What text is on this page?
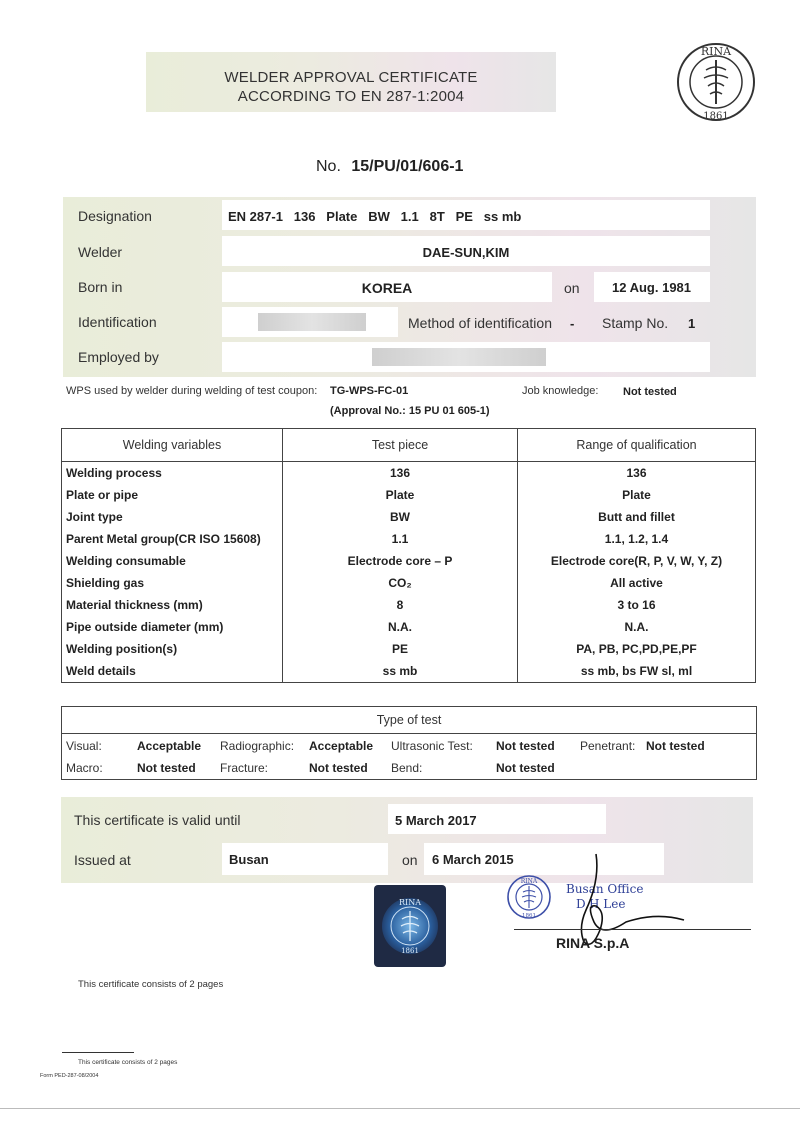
WELDER APPROVAL CERTIFICATE
ACCORDING TO EN 287-1:2004
RINA
1861
No. 15/PU/01/606-1
Designation	EN 287-1   136   Plate   BW   1.1   8T   PE   ss mb
Welder	DAE-SUN,KIM
Born in	KOREA	on 12 Aug. 1981
Identification	Method of identification - Stamp No. 1
Employed by
WPS used by welder during welding of test coupon: TG-WPS-FC-01
(Approval No.: 15 PU 01 605-1)
Job knowledge: Not tested
Welding variables	Test piece	Range of qualification
Welding process	136	136
Plate or pipe	Plate	Plate
Joint type	BW	Butt and fillet
Parent Metal group(CR ISO 15608)	1.1	1.1, 1.2, 1.4
Welding consumable	Electrode core – P	Electrode core(R, P, V, W, Y, Z)
Shielding gas	CO₂	All active
Material thickness (mm)	8	3 to 16
Pipe outside diameter (mm)	N.A.	N.A.
Welding position(s)	PE	PA, PB, PC,PD,PE,PF
Weld details	ss mb	ss mb, bs FW sl, ml
Type of test
Visual:	Acceptable Radiographic: Acceptable Ultrasonic Test: Not tested Penetrant: Not tested
Macro:	Not tested Fracture:	Not tested Bend:	Not tested
This certificate is valid until	5 March 2017
Issued at	Busan	on 6 March 2015
RINA
1861
RINA
1861
Busan Office
D.H Lee
RINA S.p.A
This certificate consists of 2 pages
This certificate consists of 2 pages
Form PED-287-08/2004
